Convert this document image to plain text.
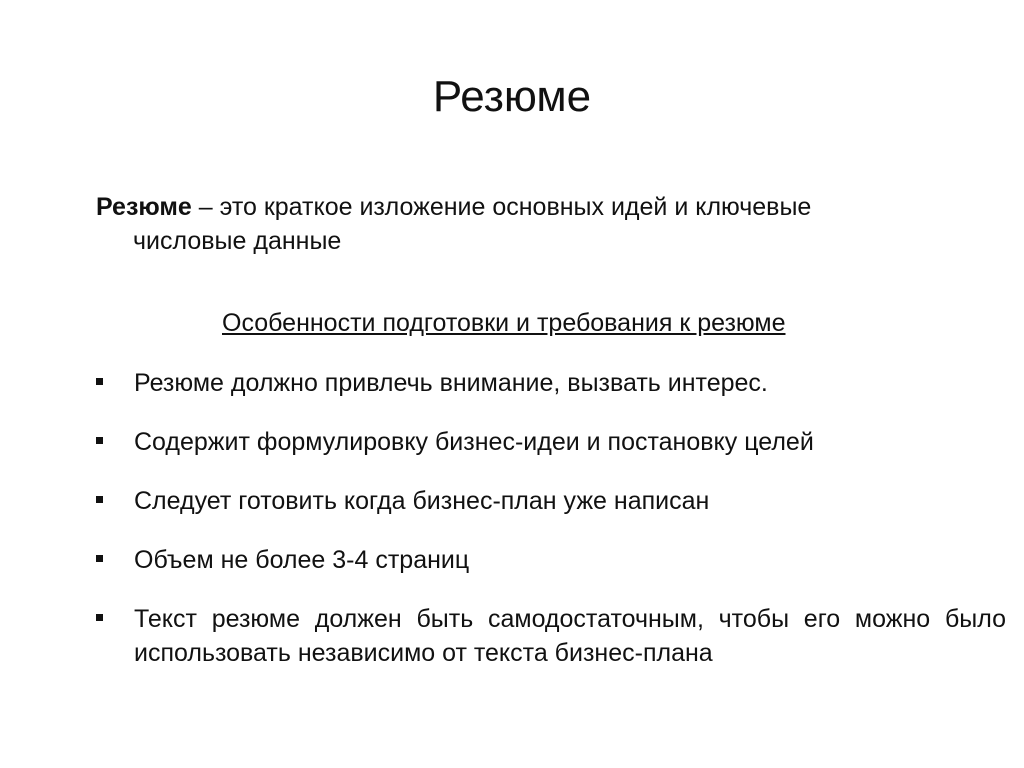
Резюме

Резюме – это краткое изложение основных идей и ключевые
числовые данные

Особенности подготовки и требования к резюме

Резюме должно привлечь внимание, вызвать интерес.
Содержит формулировку бизнес-идеи и постановку целей
Следует готовить когда бизнес-план уже написан
Объем не более 3-4 страниц
Текст резюме должен быть самодостаточным, чтобы его можно было использовать независимо от текста бизнес-плана
